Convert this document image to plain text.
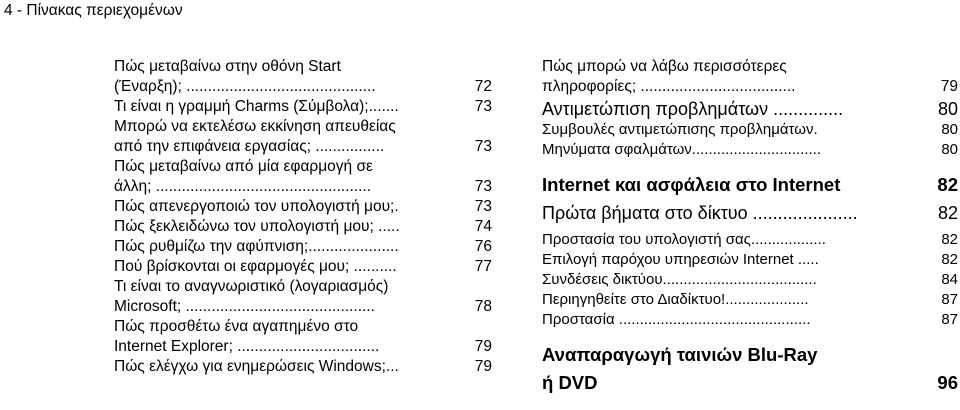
4 - Πίνακας περιεχομένων
Πώς μεταβαίνω στην οθόνη Start
(Έναρξη); ............................................	72
Τι είναι η γραμμή Charms (Σύμβολα);.......	73
Μπορώ να εκτελέσω εκκίνηση απευθείας
από την επιφάνεια εργασίας; ................	73
Πώς μεταβαίνω από μία εφαρμογή σε
άλλη; ..................................................	73
Πώς απενεργοποιώ τον υπολογιστή μου;.	73
Πώς ξεκλειδώνω τον υπολογιστή μου; .....	74
Πώς ρυθμίζω την αφύπνιση;.....................	76
Πού βρίσκονται οι εφαρμογές μου; ..........	77
Τι είναι το αναγνωριστικό (λογαριασμός)
Microsoft; ............................................	78
Πώς προσθέτω ένα αγαπημένο στο
Internet Explorer; .................................	79
Πώς ελέγχω για ενημερώσεις Windows;...	79
Πώς μπορώ να λάβω περισσότερες
πληροφορίες; ....................................	79
Αντιμετώπιση προβλημάτων ..............	80
Συμβουλές αντιμετώπισης προβλημάτων.	80
Μηνύματα σφαλμάτων...............................	80
Internet και ασφάλεια στο Internet	82
Πρώτα βήματα στο δίκτυο .....................	82
Προστασία του υπολογιστή σας..................	82
Επιλογή παρόχου υπηρεσιών Internet .....	82
Συνδέσεις δικτύου.....................................	84
Περιηγηθείτε στο Διαδίκτυο!....................	87
Προστασία ..............................................	87
Αναπαραγωγή ταινιών Blu-Ray
ή DVD	96
